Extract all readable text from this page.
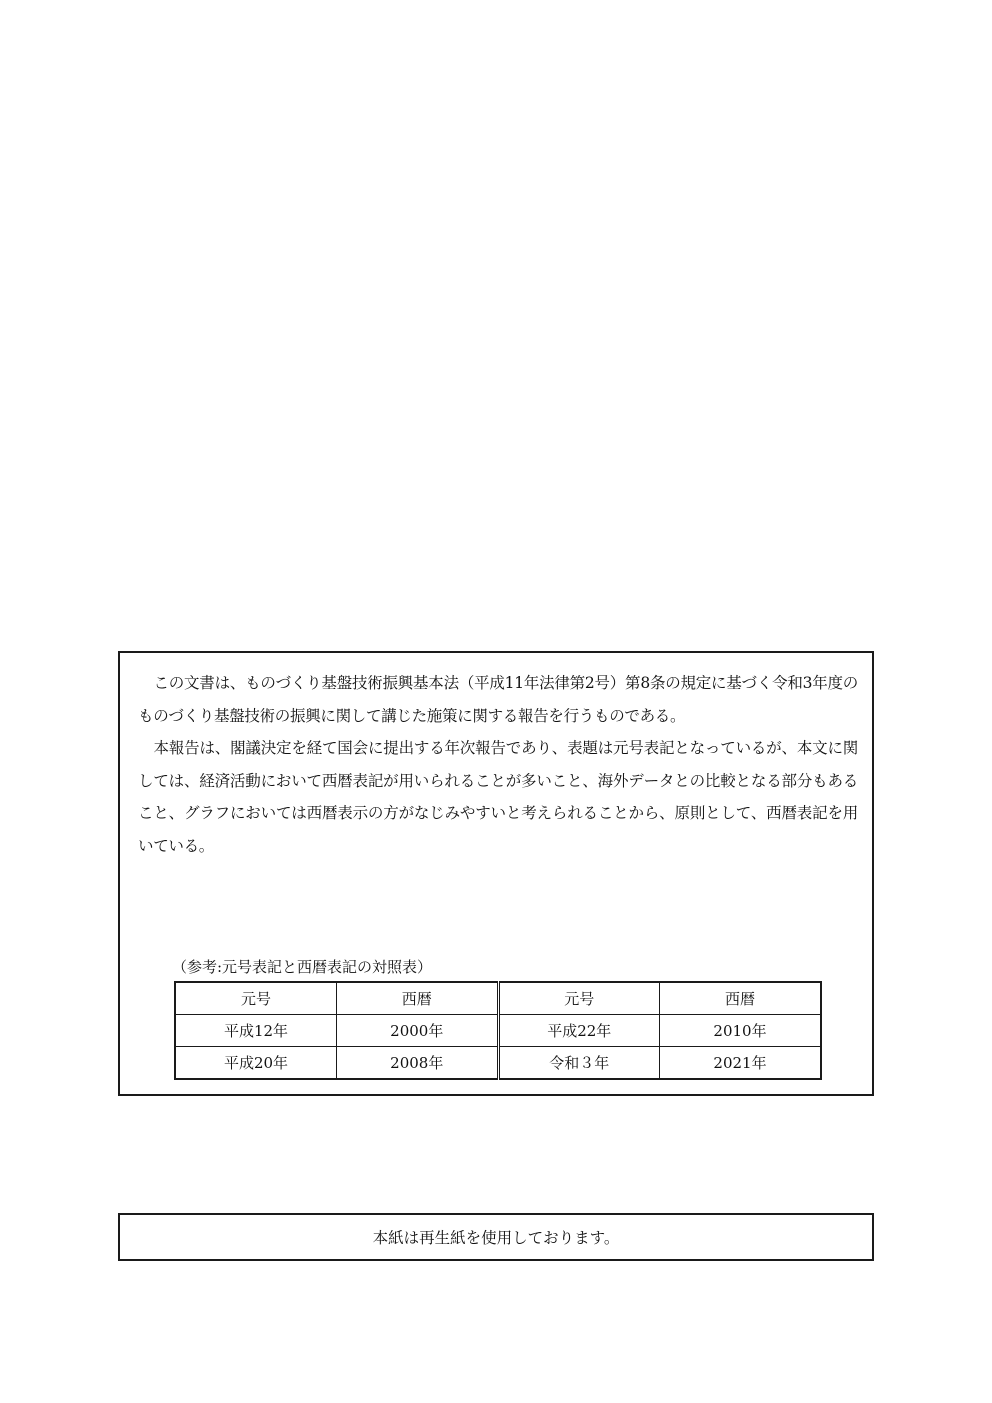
この文書は、ものづくり基盤技術振興基本法（平成11年法律第2号）第8条の規定に基づく令和3年度のものづくり基盤技術の振興に関して講じた施策に関する報告を行うものである。

本報告は、閣議決定を経て国会に提出する年次報告であり、表題は元号表記となっているが、本文に関しては、経済活動において西暦表記が用いられることが多いこと、海外データとの比較となる部分もあること、グラフにおいては西暦表示の方がなじみやすいと考えられることから、原則として、西暦表記を用いている。

（参考:元号表記と西暦表記の対照表）
元号	西暦	元号	西暦
平成12年	2000年	平成22年	2010年
平成20年	2008年	令和３年	2021年
本紙は再生紙を使用しております。
